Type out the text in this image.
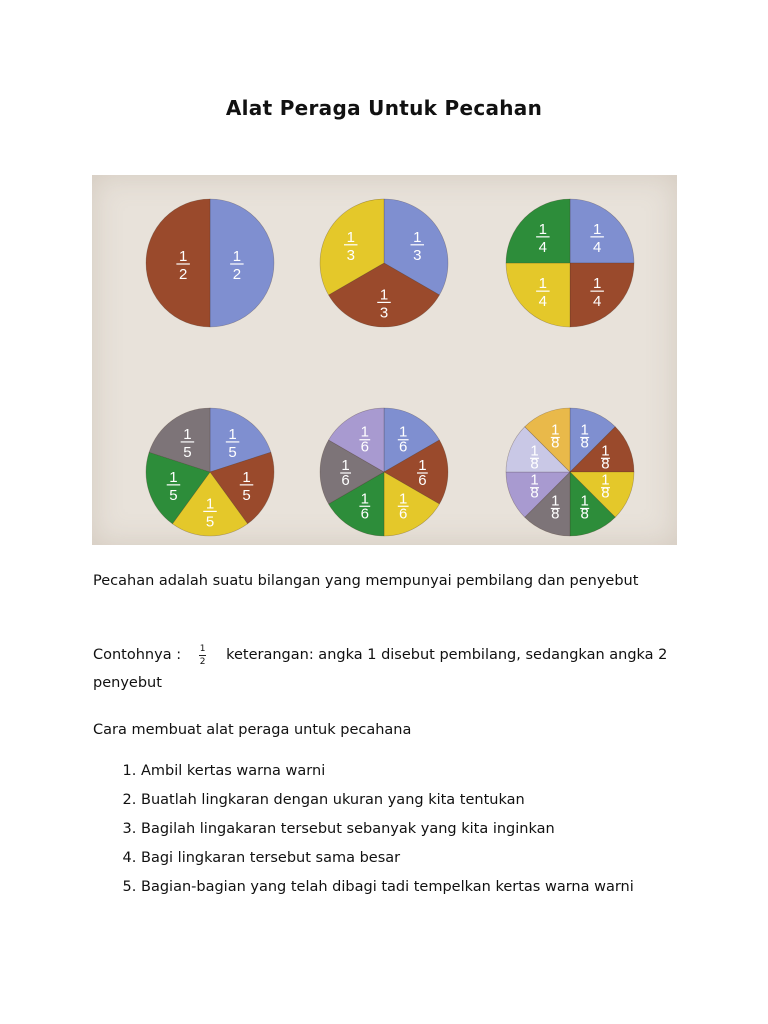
Alat Peraga Untuk Pecahan
1
2
1
2
1
3
1
3
1
3
1
4
1
4
1
4
1
4
1
5
1
5
1
5
1
5
1
5
1
6
1
6
1
6
1
6
1
6
1
6
1
8 1
8
1
8
1
8
1
8
1
8
1
8
1
8
Pecahan adalah suatu bilangan yang mempunyai pembilang dan penyebut
Contohnya : $\frac{1}{2}$ keterangan: angka 1 disebut pembilang, sedangkan angka 2 penyebut
Cara membuat alat peraga untuk pecahana
1. Ambil kertas warna warni
2. Buatlah lingkaran dengan ukuran yang kita tentukan
3. Bagilah lingakaran tersebut sebanyak yang kita inginkan
4. Bagi lingkaran tersebut sama besar
5. Bagian-bagian yang telah dibagi tadi tempelkan kertas warna warni
